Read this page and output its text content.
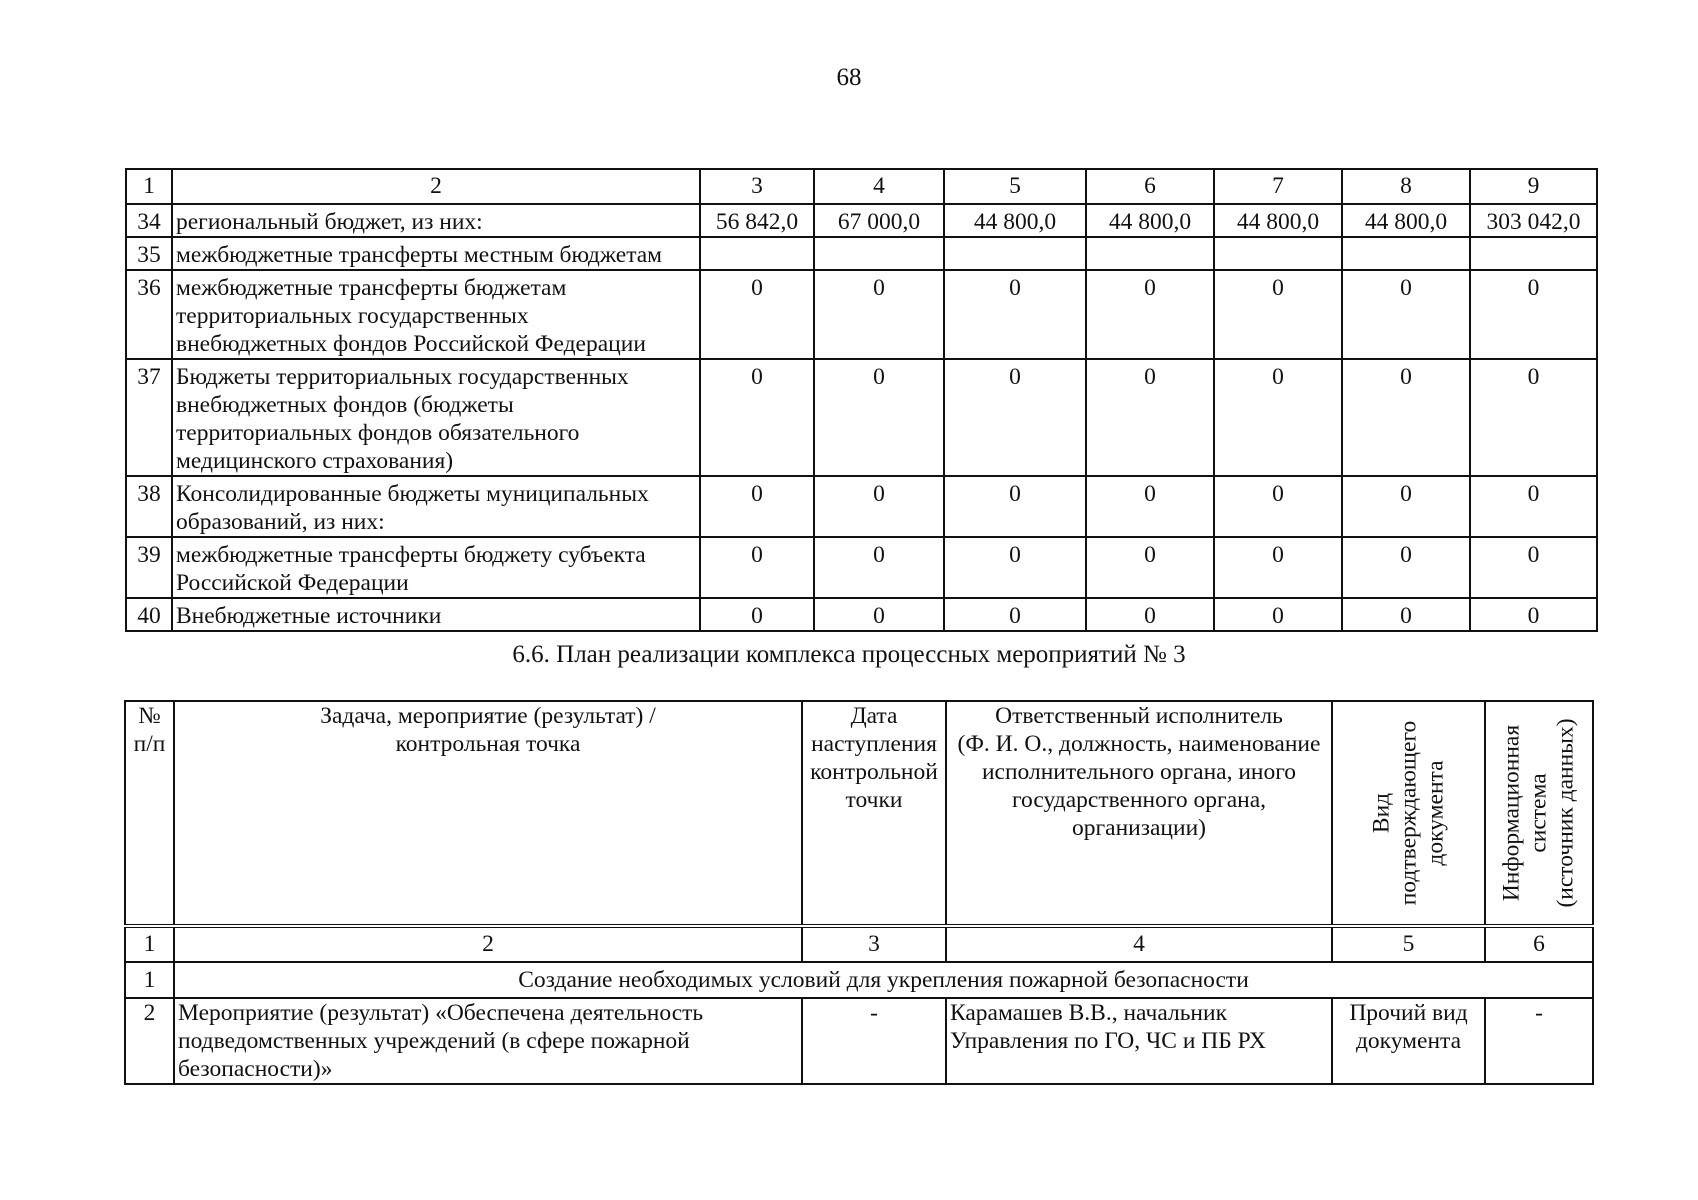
68
1	2	3	4	5	6	7	8	9
34	региональный бюджет, из них:	56 842,0	67 000,0	44 800,0	44 800,0	44 800,0	44 800,0	303 042,0
35	межбюджетные трансферты местным бюджетам							

36	межбюджетные трансферты бюджетам
территориальных государственных
внебюджетных фондов Российской Федерации	0	0	0	0	0	0	0
37	Бюджеты территориальных государственных
внебюджетных фондов (бюджеты
территориальных фондов обязательного
медицинского страхования)	0	0	0	0	0	0	0
38	Консолидированные бюджеты муниципальных
образований, из них:	0	0	0	0	0	0	0
39	межбюджетные трансферты бюджету субъекта
Российской Федерации	0	0	0	0	0	0	0
40	Внебюджетные источники	0	0	0	0	0	0	0
6.6. План реализации комплекса процессных мероприятий № 3
№
п/п	Задача, мероприятие (результат) /
контрольная точка	Дата
наступления
контрольной
точки	Ответственный исполнитель
(Ф. И. О., должность, наименование
исполнительного органа, иного
государственного органа,
организации)	Вид подтверждающего документа	Информационная система (источник данных)

1	2	3	4	5	6
1	Создание необходимых условий для укрепления пожарной безопасности				
2	Мероприятие (результат) «Обеспечена деятельность
подведомственных учреждений (в сфере пожарной
безопасности)»	-	Карамашев В.В., начальник
Управления по ГО, ЧС и ПБ РХ	Прочий вид
документа	-
